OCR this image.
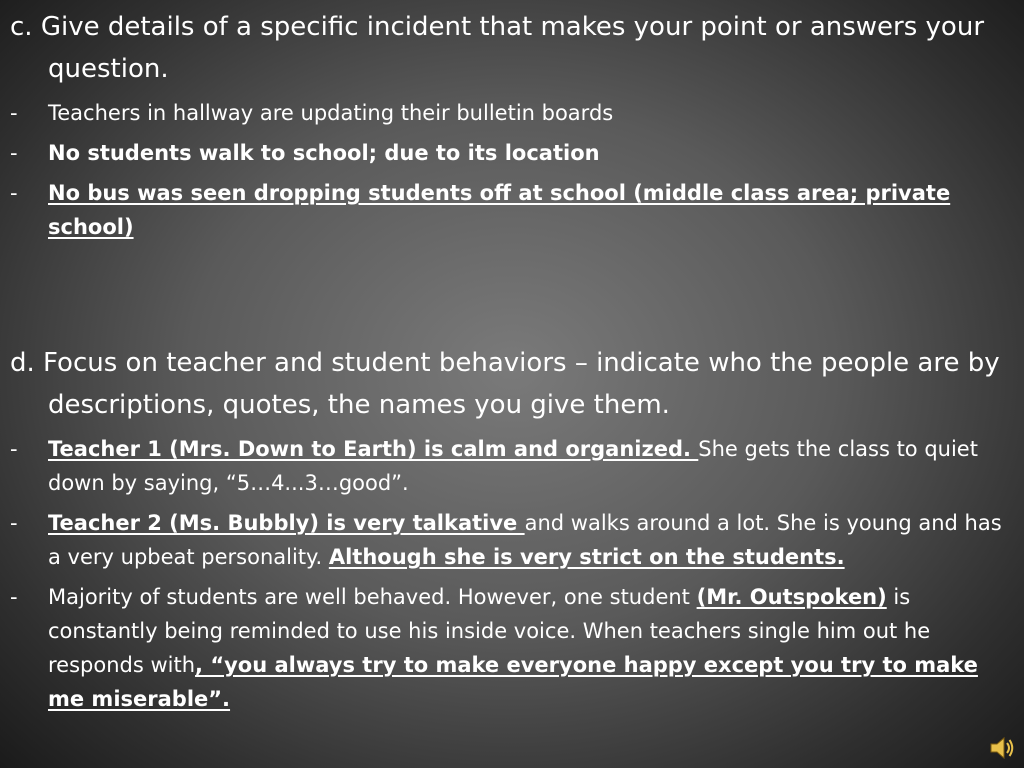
c. Give details of a specific incident that makes your point or answers your question.

- Teachers in hallway are updating their bulletin boards
- No students walk to school; due to its location
- No bus was seen dropping students off at school (middle class area; private school)

d. Focus on teacher and student behaviors – indicate who the people are by descriptions, quotes, the names you give them.

- Teacher 1 (Mrs. Down to Earth) is calm and organized. She gets the class to quiet down by saying, “5…4...3…good”.
- Teacher 2 (Ms. Bubbly) is very talkative and walks around a lot. She is young and has a very upbeat personality. Although she is very strict on the students.
- Majority of students are well behaved. However, one student (Mr. Outspoken) is constantly being reminded to use his inside voice. When teachers single him out he responds with, “you always try to make everyone happy except you try to make me miserable”.
